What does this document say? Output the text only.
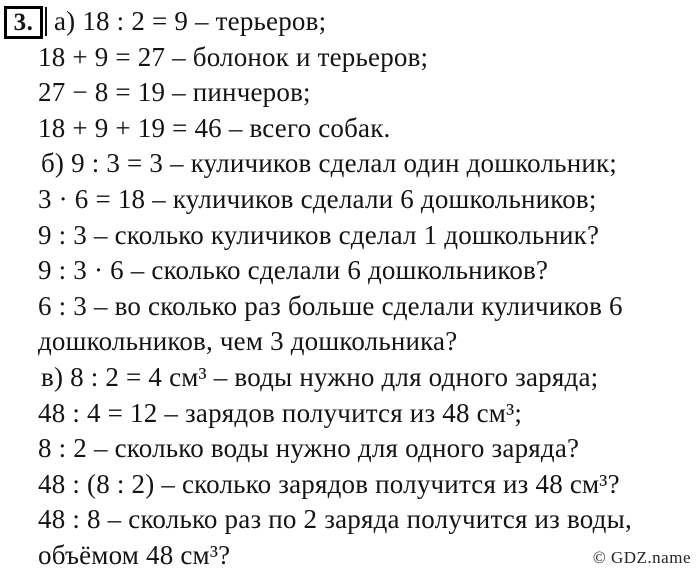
3. а) 18 : 2 = 9 – терьеров;
18 + 9 = 27 – болонок и терьеров;
27 − 8 = 19 – пинчеров;
18 + 9 + 19 = 46 – всего собак.
б) 9 : 3 = 3 – куличиков сделал один дошкольник;
3 · 6 = 18 – куличиков сделали 6 дошкольников;
9 : 3 – сколько куличиков сделал 1 дошкольник?
9 : 3 · 6 – сколько сделали 6 дошкольников?
6 : 3 – во сколько раз больше сделали куличиков 6
дошкольников, чем 3 дошкольника?
в) 8 : 2 = 4 см³ – воды нужно для одного заряда;
48 : 4 = 12 – зарядов получится из 48 см³;
8 : 2 – сколько воды нужно для одного заряда?
48 : (8 : 2) – сколько зарядов получится из 48 см³?
48 : 8 – сколько раз по 2 заряда получится из воды,
объёмом 48 см³?	© GDZ.name
